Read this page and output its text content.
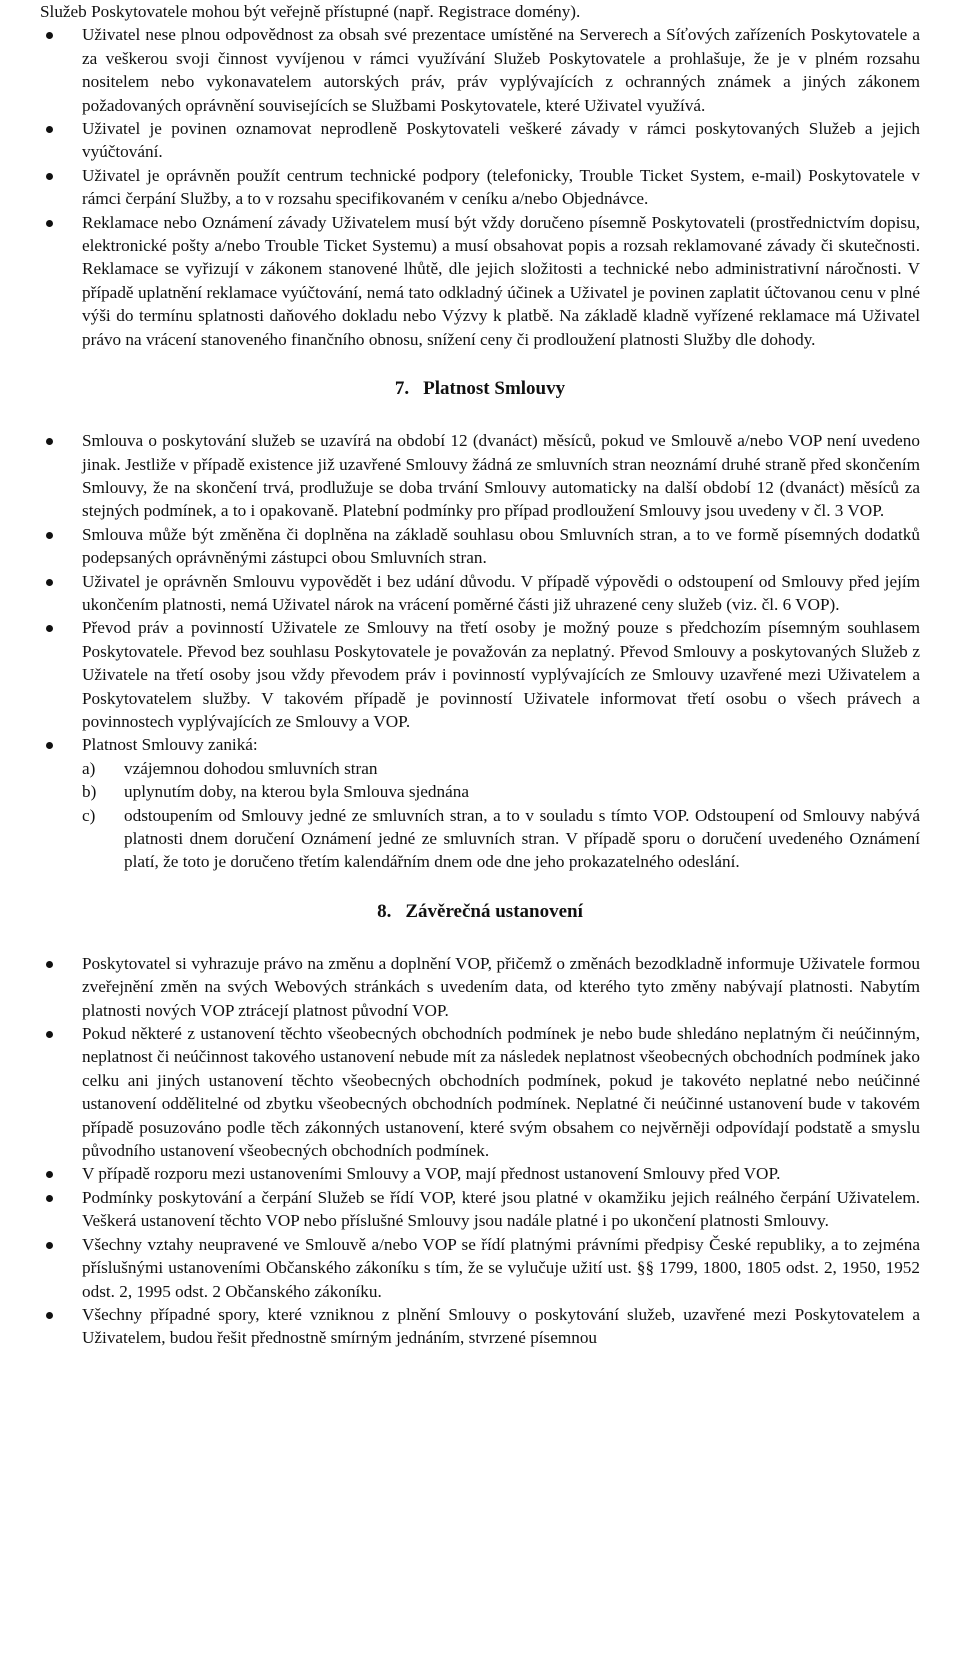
Služeb Poskytovatele mohou být veřejně přístupné (např. Registrace domény).

Uživatel nese plnou odpovědnost za obsah své prezentace umístěné na Serverech a Síťových zařízeních Poskytovatele a za veškerou svoji činnost vyvíjenou v rámci využívání Služeb Poskytovatele a prohlašuje, že je v plném rozsahu nositelem nebo vykonavatelem autorských práv, práv vyplývajících z ochranných známek a jiných zákonem požadovaných oprávnění souvisejících se Službami Poskytovatele, které Uživatel využívá.
Uživatel je povinen oznamovat neprodleně Poskytovateli veškeré závady v rámci poskytovaných Služeb a jejich vyúčtování.
Uživatel je oprávněn použít centrum technické podpory (telefonicky, Trouble Ticket System, e-mail) Poskytovatele v rámci čerpání Služby, a to v rozsahu specifikovaném v ceníku a/nebo Objednávce.
Reklamace nebo Oznámení závady Uživatelem musí být vždy doručeno písemně Poskytovateli (prostřednictvím dopisu, elektronické pošty a/nebo Trouble Ticket Systemu) a musí obsahovat popis a rozsah reklamované závady či skutečnosti. Reklamace se vyřizují v zákonem stanovené lhůtě, dle jejich složitosti a technické nebo administrativní náročnosti. V případě uplatnění reklamace vyúčtování, nemá tato odkladný účinek a Uživatel je povinen zaplatit účtovanou cenu v plné výši do termínu splatnosti daňového dokladu nebo Výzvy k platbě. Na základě kladně vyřízené reklamace má Uživatel právo na vrácení stanoveného finančního obnosu, snížení ceny či prodloužení platnosti Služby dle dohody.
7. Platnost Smlouvy
Smlouva o poskytování služeb se uzavírá na období 12 (dvanáct) měsíců, pokud ve Smlouvě a/nebo VOP není uvedeno jinak. Jestliže v případě existence již uzavřené Smlouvy žádná ze smluvních stran neoznámí druhé straně před skončením Smlouvy, že na skončení trvá, prodlužuje se doba trvání Smlouvy automaticky na další období 12 (dvanáct) měsíců za stejných podmínek, a to i opakovaně. Platební podmínky pro případ prodloužení Smlouvy jsou uvedeny v čl. 3 VOP.
Smlouva může být změněna či doplněna na základě souhlasu obou Smluvních stran, a to ve formě písemných dodatků podepsaných oprávněnými zástupci obou Smluvních stran.
Uživatel je oprávněn Smlouvu vypovědět i bez udání důvodu. V případě výpovědi o odstoupení od Smlouvy před jejím ukončením platnosti, nemá Uživatel nárok na vrácení poměrné části již uhrazené ceny služeb (viz. čl. 6 VOP).
Převod práv a povinností Uživatele ze Smlouvy na třetí osoby je možný pouze s předchozím písemným souhlasem Poskytovatele. Převod bez souhlasu Poskytovatele je považován za neplatný. Převod Smlouvy a poskytovaných Služeb z Uživatele na třetí osoby jsou vždy převodem práv i povinností vyplývajících ze Smlouvy uzavřené mezi Uživatelem a Poskytovatelem služby. V takovém případě je povinností Uživatele informovat třetí osobu o všech právech a povinnostech vyplývajících ze Smlouvy a VOP.
Platnost Smlouvy zaniká:
a) vzájemnou dohodou smluvních stran
b) uplynutím doby, na kterou byla Smlouva sjednána
c) odstoupením od Smlouvy jedné ze smluvních stran, a to v souladu s tímto VOP. Odstoupení od Smlouvy nabývá platnosti dnem doručení Oznámení jedné ze smluvních stran. V případě sporu o doručení uvedeného Oznámení platí, že toto je doručeno třetím kalendářním dnem ode dne jeho prokazatelného odeslání.
8. Závěrečná ustanovení
Poskytovatel si vyhrazuje právo na změnu a doplnění VOP, přičemž o změnách bezodkladně informuje Uživatele formou zveřejnění změn na svých Webových stránkách s uvedením data, od kterého tyto změny nabývají platnosti. Nabytím platnosti nových VOP ztrácejí platnost původní VOP.
Pokud některé z ustanovení těchto všeobecných obchodních podmínek je nebo bude shledáno neplatným či neúčinným, neplatnost či neúčinnost takového ustanovení nebude mít za následek neplatnost všeobecných obchodních podmínek jako celku ani jiných ustanovení těchto všeobecných obchodních podmínek, pokud je takovéto neplatné nebo neúčinné ustanovení oddělitelné od zbytku všeobecných obchodních podmínek. Neplatné či neúčinné ustanovení bude v takovém případě posuzováno podle těch zákonných ustanovení, které svým obsahem co nejvěrněji odpovídají podstatě a smyslu původního ustanovení všeobecných obchodních podmínek.
V případě rozporu mezi ustanoveními Smlouvy a VOP, mají přednost ustanovení Smlouvy před VOP.
Podmínky poskytování a čerpání Služeb se řídí VOP, které jsou platné v okamžiku jejich reálného čerpání Uživatelem. Veškerá ustanovení těchto VOP nebo příslušné Smlouvy jsou nadále platné i po ukončení platnosti Smlouvy.
Všechny vztahy neupravené ve Smlouvě a/nebo VOP se řídí platnými právními předpisy České republiky, a to zejména příslušnými ustanoveními Občanského zákoníku s tím, že se vylučuje užití ust. §§ 1799, 1800, 1805 odst. 2, 1950, 1952 odst. 2, 1995 odst. 2 Občanského zákoníku.
Všechny případné spory, které vzniknou z plnění Smlouvy o poskytování služeb, uzavřené mezi Poskytovatelem a Uživatelem, budou řešit přednostně smírným jednáním, stvrzené písemnou
